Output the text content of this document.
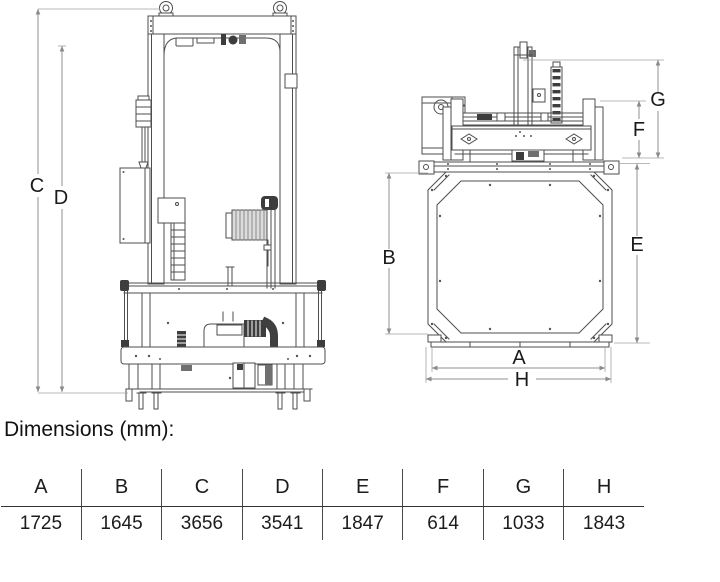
C
D
B
G
F
E
A
H
Dimensions (mm):
A	B	C	D	E	F	G	H
1725	1645	3656	3541	1847	614	1033	1843
